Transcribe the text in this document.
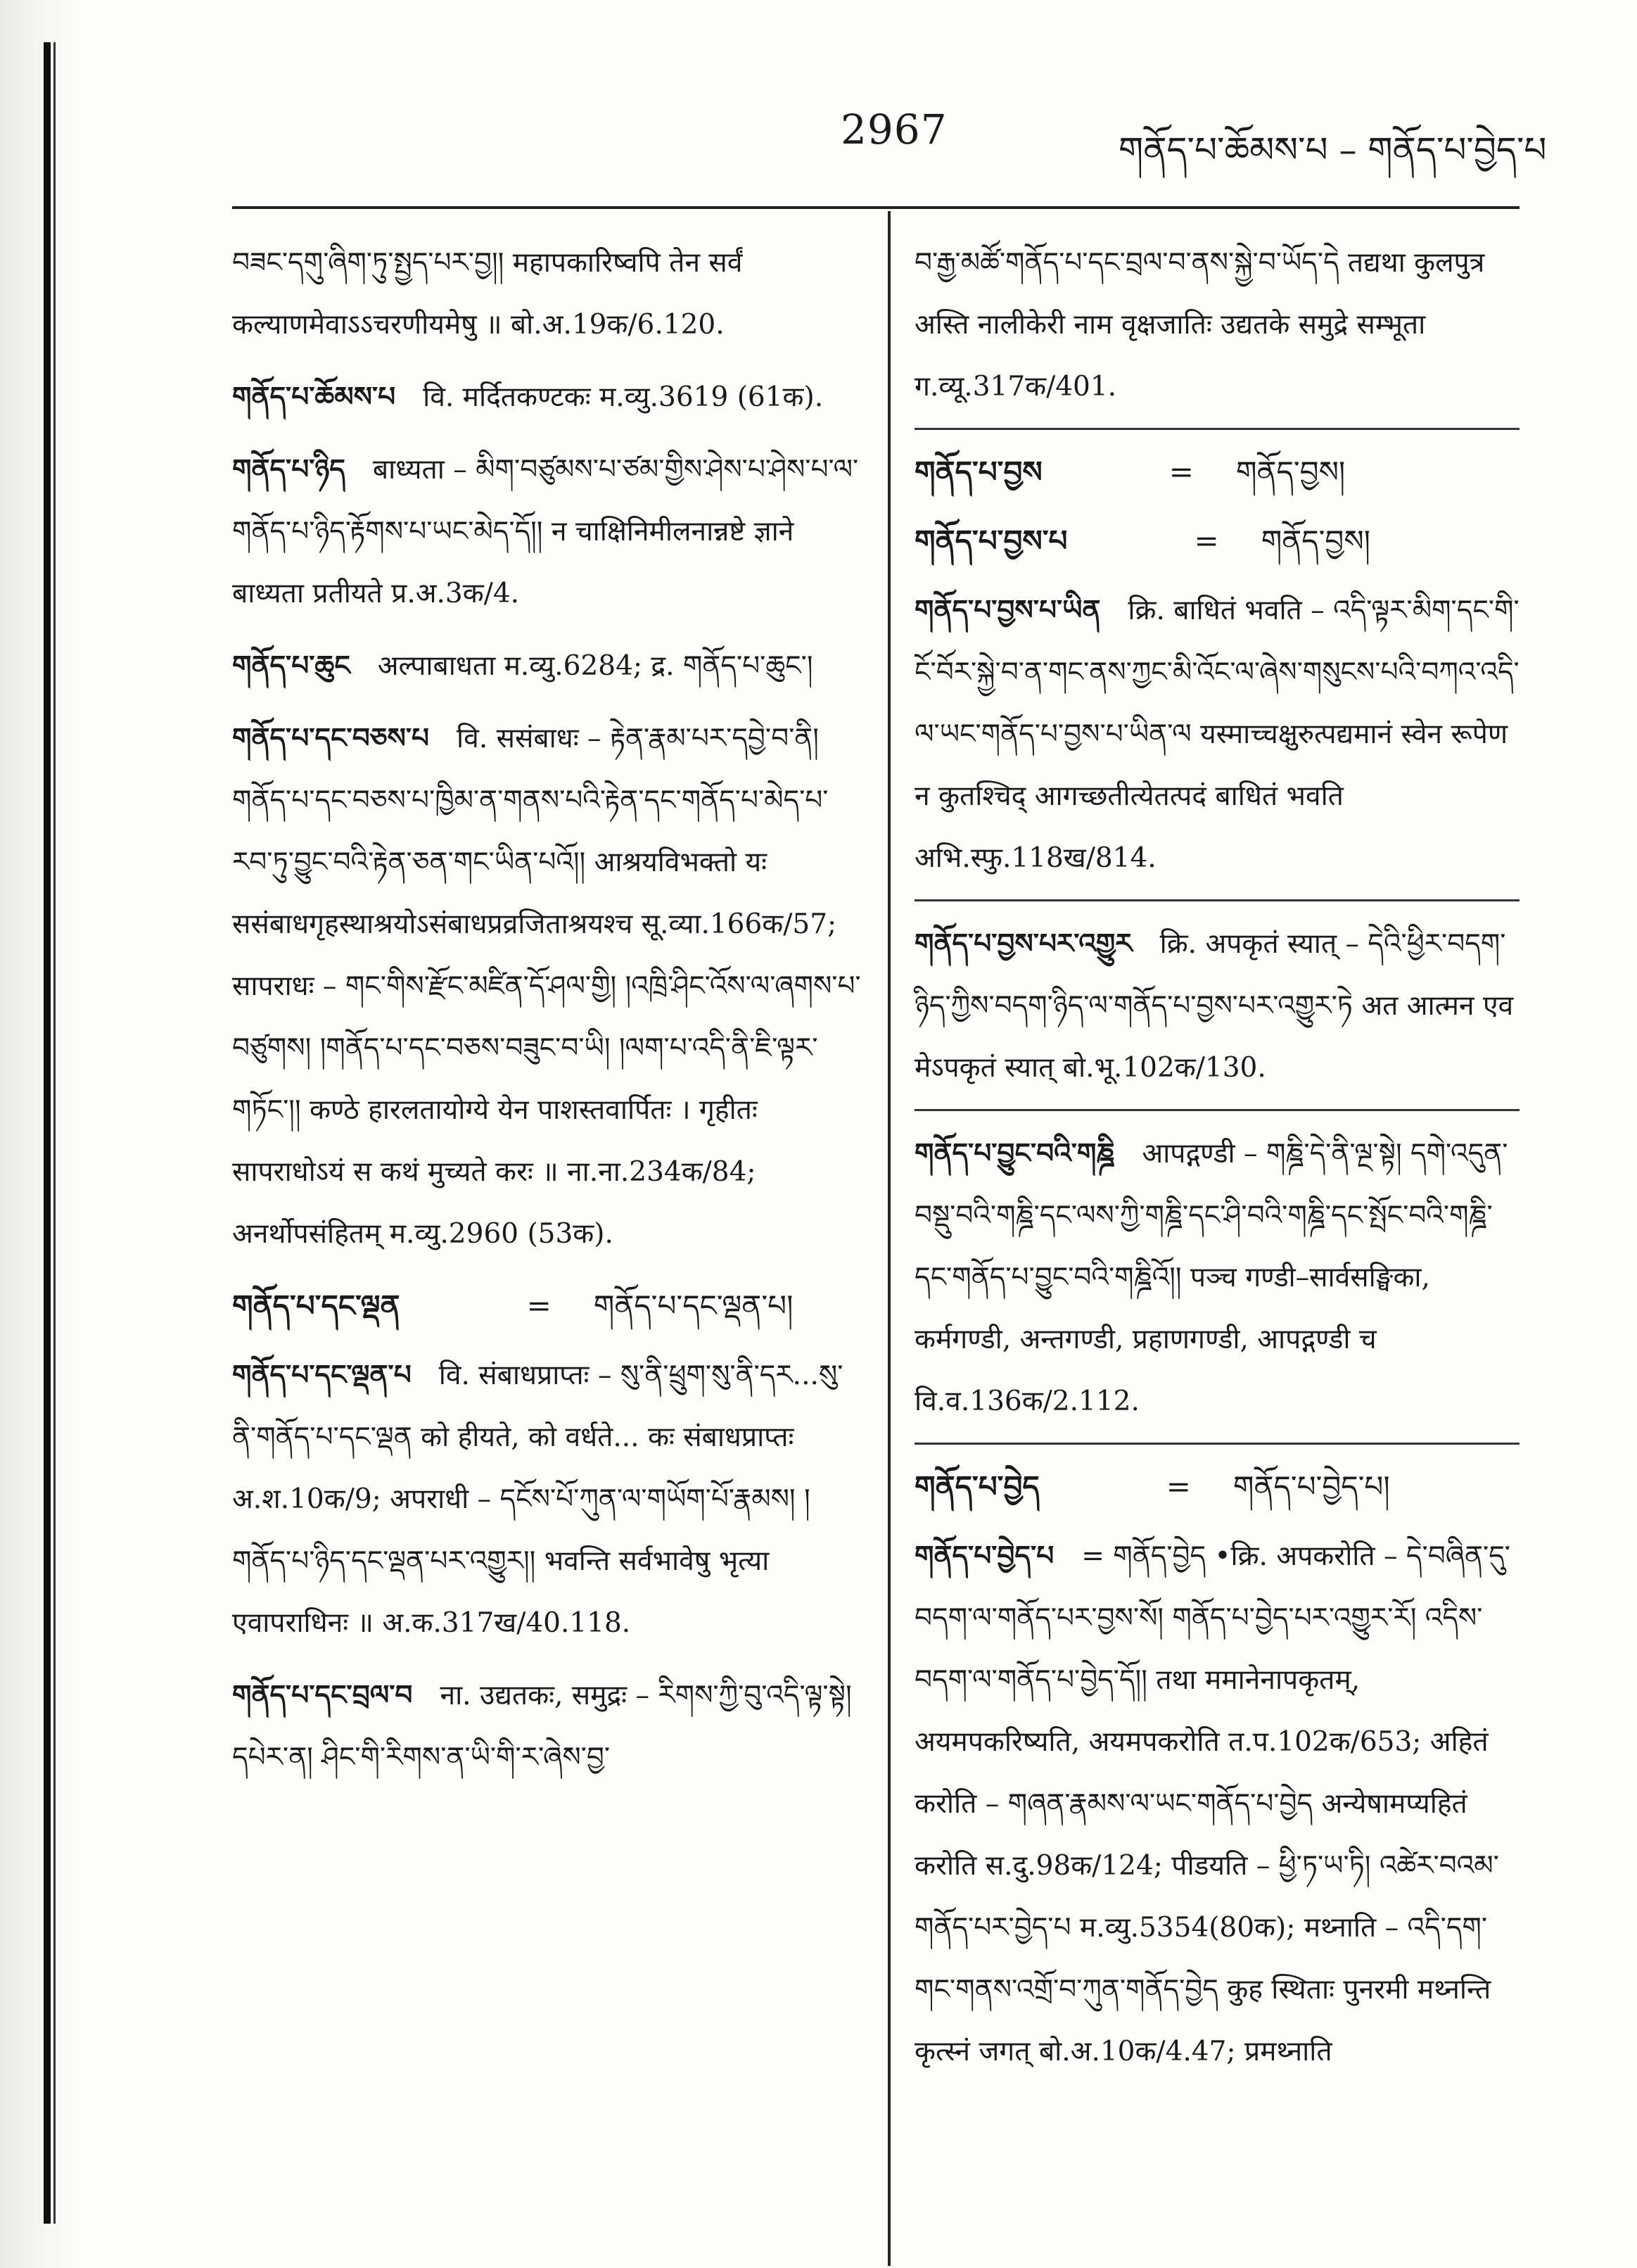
2967	གནོད་པ་ཆོམས་པ – གནོད་པ་བྱེད་པ
བཟང་དགུ་ཞིག་ཏུ་སྤྱད་པར་བྱ།། महापकारिष्वपि तेन सर्वं कल्याणमेवाऽऽचरणीयमेषु ॥ बो.अ.19क/6.120.
གནོད་པ་ཆོམས་པ  वि. मर्दितकण्टकः म.व्यु.3619 (61क).
གནོད་པ་ཉིད  बाध्यता – མིག་བཙུམས་པ་ཙམ་གྱིས་ཤེས་པ་ཤེས་པ་ལ་གནོད་པ་ཉིད་རྟོགས་པ་ཡང་མེད་དོ།། न चाक्षिनिमीलनान्नष्टे ज्ञाने बाध्यता प्रतीयते प्र.अ.3क/4.
གནོད་པ་ཆུང  अल्पाबाधता म.व्यु.6284; द्र. གནོད་པ་ཆུང་།
གནོད་པ་དང་བཅས་པ  वि. ससंबाधः – རྟེན་རྣམ་པར་དབྱེ་བ་ནི། གནོད་པ་དང་བཅས་པ་ཁྱིམ་ན་གནས་པའི་རྟེན་དང་གནོད་པ་མེད་པ་རབ་ཏུ་བྱུང་བའི་རྟེན་ཅན་གང་ཡིན་པའོ།། आश्रयविभक्तो यः ससंबाधगृहस्थाश्रयोऽसंबाधप्रव्रजिताश्रयश्च सू.व्या.166क/57; सापराधः – གང་གིས་རྫོང་མཛིན་དོ་ཤལ་གྱི། །འཁྲི་ཤིང་འོས་ལ་ཞགས་པ་བཙུགས། །གནོད་པ་དང་བཅས་བཟུང་བ་ཡི། །ལག་པ་འདི་ནི་ཇི་ལྟར་གཏོང་།། कण्ठे हारलतायोग्ये येन पाशस्तवार्पितः । गृहीतः सापराधोऽयं स कथं मुच्यते करः ॥ ना.ना.234क/84; अनर्थोपसंहितम् म.व्यु.2960 (53क).
གནོད་པ་དང་ལྡན	= གནོད་པ་དང་ལྡན་པ།
གནོད་པ་དང་ལྡན་པ  वि. संबाधप्राप्तः – སུ་ནི་ཕྲུག་སུ་ནི་དར...སུ་ནི་གནོད་པ་དང་ལྡན को हीयते, को वर्धते... कः संबाधप्राप्तः अ.श.10क/9; अपराधी – དངོས་པོ་ཀུན་ལ་གཡོག་པོ་རྣམས། །གནོད་པ་ཉིད་དང་ལྡན་པར་འགྱུར།། भवन्ति सर्वभावेषु भृत्या एवापराधिनः ॥ अ.क.317ख/40.118.
གནོད་པ་དང་བྲལ་བ  ना. उद्यतकः, समुद्रः – རིགས་ཀྱི་བུ་འདི་ལྟ་སྟེ། དཔེར་ན། ཤིང་གི་རིགས་ན་ཡི་གི་ར་ཞེས་བྱ་
བ་རྒྱ་མཚོ་གནོད་པ་དང་བྲལ་བ་ནས་སྐྱེ་བ་ཡོད་དེ तद्यथा कुलपुत्र अस्ति नालीकेरी नाम वृक्षजातिः उद्यतके समुद्रे सम्भूता ग.व्यू.317क/401.
གནོད་པ་བྱས	= གནོད་བྱས།
གནོད་པ་བྱས་པ	= གནོད་བྱས།
གནོད་པ་བྱས་པ་ཡིན  क्रि. बाधितं भवति – འདི་ལྟར་མིག་དང་གི་ངོ་བོར་སྐྱེ་བ་ན་གང་ནས་ཀྱང་མི་འོང་ལ་ཞེས་གསུངས་པའི་བཀའ་འདི་ལ་ཡང་གནོད་པ་བྱས་པ་ཡིན་ལ यस्माच्चक्षुरुत्पद्यमानं स्वेन रूपेण न कुतश्चिद् आगच्छतीत्येतत्पदं बाधितं भवति अभि.स्फु.118ख/814.
གནོད་པ་བྱས་པར་འགྱུར  क्रि. अपकृतं स्यात् – དེའི་ཕྱིར་བདག་ཉིད་ཀྱིས་བདག་ཉིད་ལ་གནོད་པ་བྱས་པར་འགྱུར་ཏེ अत आत्मन एव मेऽपकृतं स्यात् बो.भू.102क/130.
གནོད་པ་བྱུང་བའི་གཎྜི  आपद्गण्डी – གཎྜི་དེ་ནི་ལྔ་སྟེ། དགེ་འདུན་བསྡུ་བའི་གཎྜི་དང་ལས་ཀྱི་གཎྜི་དང་ཤི་བའི་གཎྜི་དང་སྤོང་བའི་གཎྜི་དང་གནོད་པ་བྱུང་བའི་གཎྜིའོ།། पञ्च गण्डी–सार्वसङ्घिका, कर्मगण्डी, अन्तगण्डी, प्रहाणगण्डी, आपद्गण्डी च वि.व.136क/2.112.
གནོད་པ་བྱེད	= གནོད་པ་བྱེད་པ།
གནོད་པ་བྱེད་པ  = གནོད་བྱེད •क्रि. अपकरोति – དེ་བཞིན་དུ་བདག་ལ་གནོད་པར་བྱས་སོ། གནོད་པ་བྱེད་པར་འགྱུར་རོ། འདིས་བདག་ལ་གནོད་པ་བྱེད་དོ།། तथा ममानेनापकृतम्, अयमपकरिष्यति, अयमपकरोति त.प.102क/653; अहितं करोति – གཞན་རྣམས་ལ་ཡང་གནོད་པ་བྱེད अन्येषामप्यहितं करोति स.दु.98क/124; पीडयति – ཕྱི་ཏ་ཡ་ཏི། འཚེར་བའམ་གནོད་པར་བྱེད་པ म.व्यु.5354(80क); मथ्नाति – འདི་དག་གང་གནས་འགྲོ་བ་ཀུན་གནོད་བྱེད कुह स्थिताः पुनरमी मथ्नन्ति कृत्स्नं जगत् बो.अ.10क/4.47; प्रमथ्नाति
